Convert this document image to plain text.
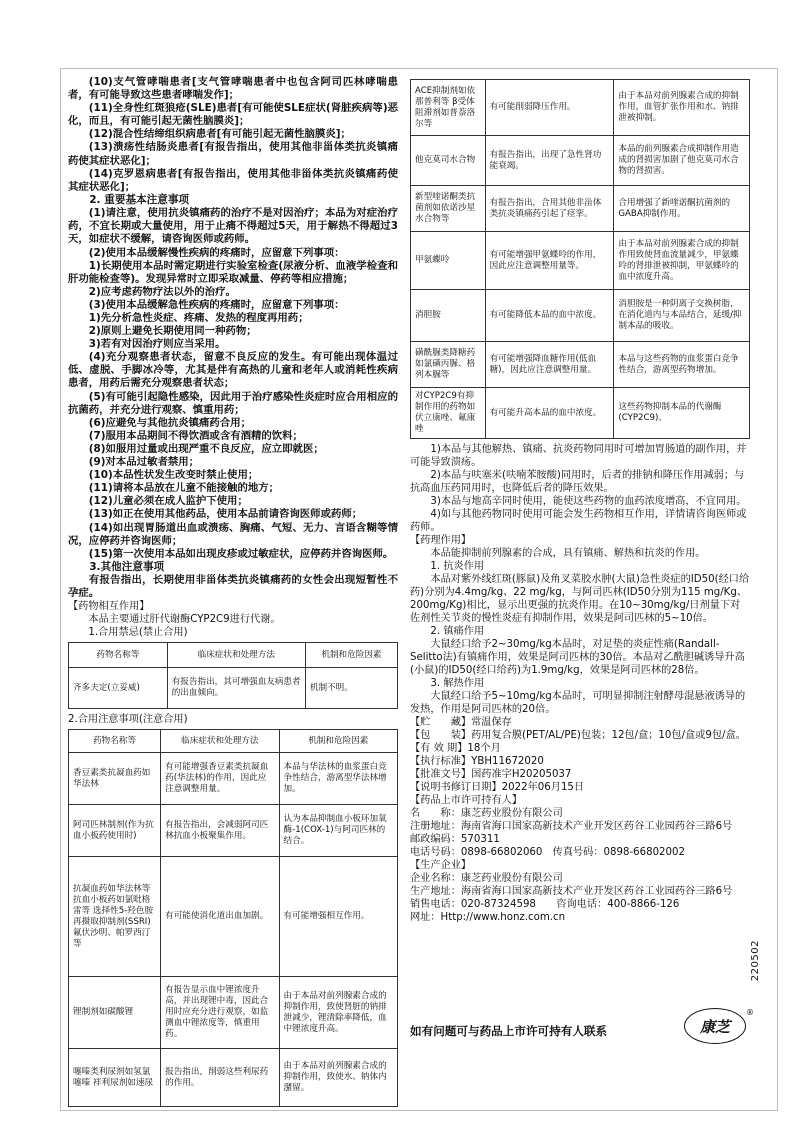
(10)支气管哮喘患者[支气管哮喘患者中也包含阿司匹林哮喘患者，有可能导致这些患者哮喘发作]；

(11)全身性红斑狼疮(SLE)患者[有可能使SLE症状(肾脏疾病等)恶化，而且，有可能引起无菌性脑膜炎]；

(12)混合性结缔组织病患者[有可能引起无菌性脑膜炎]；

(13)溃疡性结肠炎患者[有报告指出，使用其他非甾体类抗炎镇痛药使其症状恶化]；

(14)克罗恩病患者[有报告指出，使用其他非甾体类抗炎镇痛药使其症状恶化]；

2. 重要基本注意事项

(1)请注意，使用抗炎镇痛药的治疗不是对因治疗；本品为对症治疗药，不宜长期或大量使用，用于止痛不得超过5天，用于解热不得超过3天，如症状不缓解，请咨询医师或药师。

(2)使用本品缓解慢性疾病的疼痛时，应留意下列事项：

1)长期使用本品时需定期进行实验室检查(尿液分析、血液学检查和肝功能检查等)。发现异常时立即采取减量、停药等相应措施；

2)应考虑药物疗法以外的治疗。

(3)使用本品缓解急性疾病的疼痛时，应留意下列事项：

1)先分析急性炎症、疼痛、发热的程度再用药；

2)原则上避免长期使用同一种药物；

3)若有对因治疗则应当采用。

(4)充分观察患者状态，留意不良反应的发生。有可能出现体温过低、虚脱、手脚冰冷等，尤其是伴有高热的儿童和老年人或消耗性疾病患者，用药后需充分观察患者状态；

(5)有可能引起隐性感染，因此用于治疗感染性炎症时应合用相应的抗菌药，并充分进行观察、慎重用药；

(6)应避免与其他抗炎镇痛药合用；

(7)服用本品期间不得饮酒或含有酒精的饮料；

(8)如服用过量或出现严重不良反应，应立即就医；

(9)对本品过敏者禁用；

(10)本品性状发生改变时禁止使用；

(11)请将本品放在儿童不能接触的地方；

(12)儿童必须在成人监护下使用；

(13)如正在使用其他药品，使用本品前请咨询医师或药师；

(14)如出现胃肠道出血或溃疡、胸痛、气短、无力、言语含糊等情况，应停药并咨询医师；

(15)第一次使用本品如出现皮疹或过敏症状，应停药并咨询医师。

3.其他注意事项

有报告指出，长期使用非甾体类抗炎镇痛药的女性会出现短暂性不孕症。

【药物相互作用】

本品主要通过肝代谢酶CYP2C9进行代谢。

1.合用禁忌(禁止合用)

药物名称等	临床症状和处理方法	机制和危险因素
齐多夫定(立妥威)	有报告指出，其可增强血友病患者的出血倾向。	机制不明。

2.合用注意事项(注意合用)

药物名称等	临床症状和处理方法	机制和危险因素
香豆素类抗凝血药如华法林	有可能增强香豆素类抗凝血药(华法林)的作用，因此应注意调整用量。	本品与华法林的血浆蛋白竞争性结合，游离型华法林增加。
阿司匹林制剂(作为抗血小板药使用时)	有报告指出，会减弱阿司匹林抗血小板聚集作用。	认为本品抑制血小板环加氧酶-1(COX-1)与阿司匹林的结合。
抗凝血药如华法林等 抗血小板药如氯吡格雷等 选择性5-羟色胺再摄取抑制剂(SSRI)氟伏沙明、帕罗西汀等	有可能使消化道出血加剧。	有可能增强相互作用。
锂制剂如碳酸锂	有报告显示血中锂浓度升高，并出现锂中毒，因此合用时应充分进行观察，如监测血中锂浓度等，慎重用药。	由于本品对前列腺素合成的抑制作用，致使肾脏的钠排泄减少，锂清除率降低，血中锂浓度升高。
噻嗪类利尿剂如氢氯噻嗪 袢利尿剂如速尿	报告指出，削弱这些利尿药的作用。	由于本品对前列腺素合成的抑制作用，致使水、钠体内潴留。
ACE抑制剂如依那普利等 β受体阻滞剂如普萘洛尔等	有可能削弱降压作用。	由于本品对前列腺素合成的抑制作用，血管扩张作用和水、钠排泄被抑制。
他克莫司水合物	有报告指出，出现了急性肾功能衰竭。	本品的前列腺素合成抑制作用造成的肾损害加剧了他克莫司水合物的肾损害。
新型喹诺酮类抗菌剂如依诺沙星水合物等	有报告指出，合用其他非甾体类抗炎镇痛药引起了痉挛。	合用增强了新喹诺酮抗菌剂的GABA抑制作用。
甲氨蝶呤	有可能增强甲氨蝶呤的作用，因此应注意调整用量等。	由于本品对前列腺素合成的抑制作用致使肾血流量减少，甲氨蝶呤的肾排泄被抑制，甲氨蝶呤的血中浓度升高。
消胆胺	有可能降低本品的血中浓度。	消胆胺是一种阴离子交换树脂，在消化道内与本品结合，延缓/抑制本品的吸收。
磺酰脲类降糖药如氯磺丙脲、格列本脲等	有可能增强降血糖作用(低血糖)，因此应注意调整用量。	本品与这些药物的血浆蛋白竞争性结合，游离型药物增加。
对CYP2C9有抑制作用的药物如伏立康唑、氟康唑	有可能升高本品的血中浓度。	这些药物抑制本品的代谢酶(CYP2C9)。

1)本品与其他解热、镇痛、抗炎药物同用时可增加胃肠道的副作用，并可能导致溃疡。

2)本品与呋塞米(呋喃苯胺酸)同用时，后者的排钠和降压作用减弱；与抗高血压药同用时，也降低后者的降压效果。

3)本品与地高辛同时使用，能使这些药物的血药浓度增高，不宜同用。

4)如与其他药物同时使用可能会发生药物相互作用，详情请咨询医师或药师。

【药理作用】

本品能抑制前列腺素的合成，具有镇痛、解热和抗炎的作用。

1. 抗炎作用

本品对紫外线红斑(豚鼠)及角叉菜胶水肿(大鼠)急性炎症的ID50(经口给药)分别为4.4mg/kg、22 mg/kg，与阿司匹林(ID50分别为115 mg/Kg、200mg/Kg)相比，显示出更强的抗炎作用。在10~30mg/kg/日剂量下对佐剂性关节炎的慢性炎症有抑制作用，效果是阿司匹林的5~10倍。

2. 镇痛作用

大鼠经口给予2~30mg/kg本品时，对足垫的炎症性痛(Randall-Selitto法)有镇痛作用，效果是阿司匹林的30倍。本品对乙酰胆碱诱导升高(小鼠)的ID50(经口给药)为1.9mg/kg，效果是阿司匹林的28倍。

3. 解热作用

大鼠经口给予5~10mg/kg本品时，可明显抑制注射酵母混悬液诱导的发热，作用是阿司匹林的20倍。

【贮　　藏】常温保存

【包　　装】药用复合膜(PET/AL/PE)包装；12包/盒；10包/盒或9包/盒。

【有 效 期】18个月

【执行标准】YBH11672020

【批准文号】国药准字H20205037

【说明书修订日期】2022年06月15日

【药品上市许可持有人】

名　　称：康芝药业股份有限公司

注册地址：海南省海口国家高新技术产业开发区药谷工业园药谷三路6号

邮政编码：570311

电话号码：0898-66802060　传真号码：0898-66802002

【生产企业】

企业名称：康芝药业股份有限公司

生产地址：海南省海口国家高新技术产业开发区药谷工业园药谷三路6号

销售电话：020-87324598　　咨询电话：400-8866-126

网址：Http://www.honz.com.cn

如有问题可与药品上市许可持有人联系	康芝
®
220502
